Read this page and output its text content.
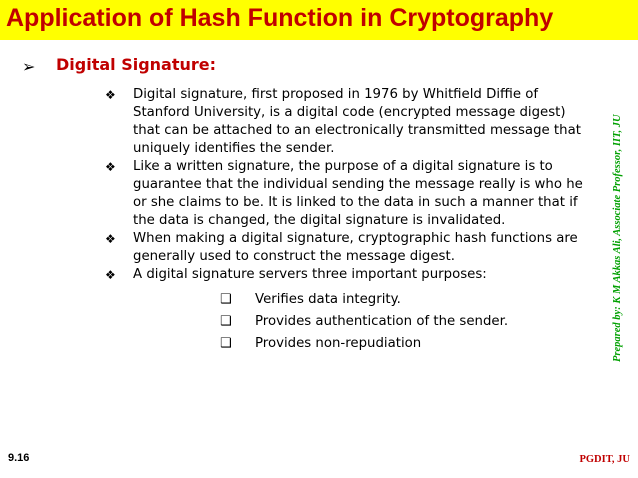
Application of Hash Function in Cryptography
➢ Digital Signature:
❖ Digital signature, first proposed in 1976 by Whitfield Diffie of Stanford University, is a digital code (encrypted message digest) that can be attached to an electronically transmitted message that uniquely identifies the sender.
❖ Like a written signature, the purpose of a digital signature is to guarantee that the individual sending the message really is who he or she claims to be. It is linked to the data in such a manner that if the data is changed, the digital signature is invalidated.
❖ When making a digital signature, cryptographic hash functions are generally used to construct the message digest.
❖ A digital signature servers three important purposes:
❑ Verifies data integrity.
❑ Provides authentication of the sender.
❑ Provides non-repudiation	Prepared by: K M Akkas Ali, Associate Professor, IIT, JU
9.16	PGDIT, JU
